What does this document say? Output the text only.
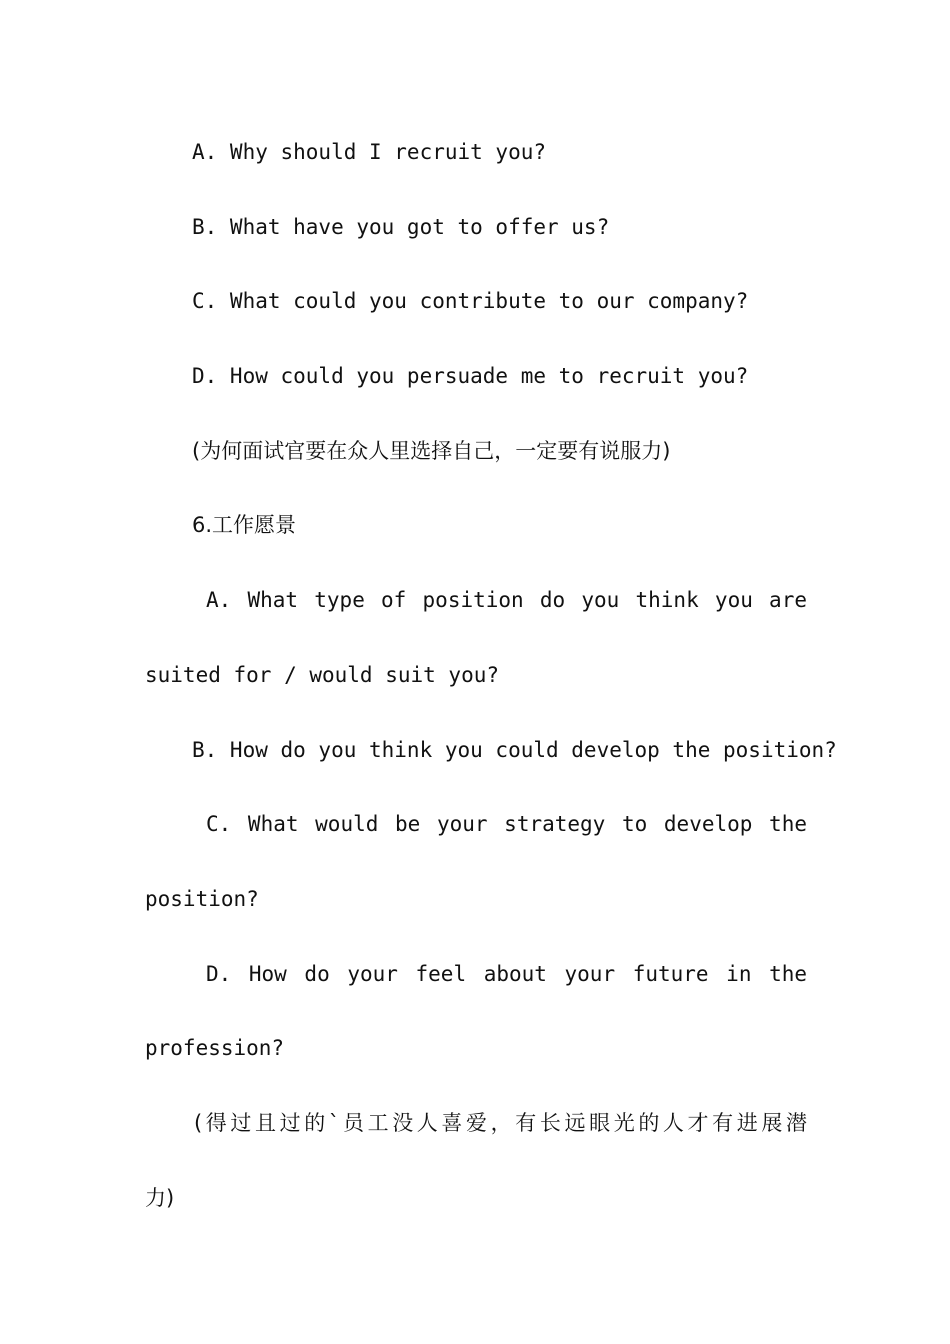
A. Why should I recruit you?
B. What have you got to offer us?
C. What could you contribute to our company?
D. How could you persuade me to recruit you?
(为何面试官要在众人里选择自己，一定要有说服力)
6.工作愿景
A. What type of position do you think you are
suited for / would suit you?
B. How do you think you could develop the position?
C. What would be your strategy to develop the
position?
D. How do your feel about your future in the
profession?
(得过且过的`员工没人喜爱，有长远眼光的人才有进展潜
力)
